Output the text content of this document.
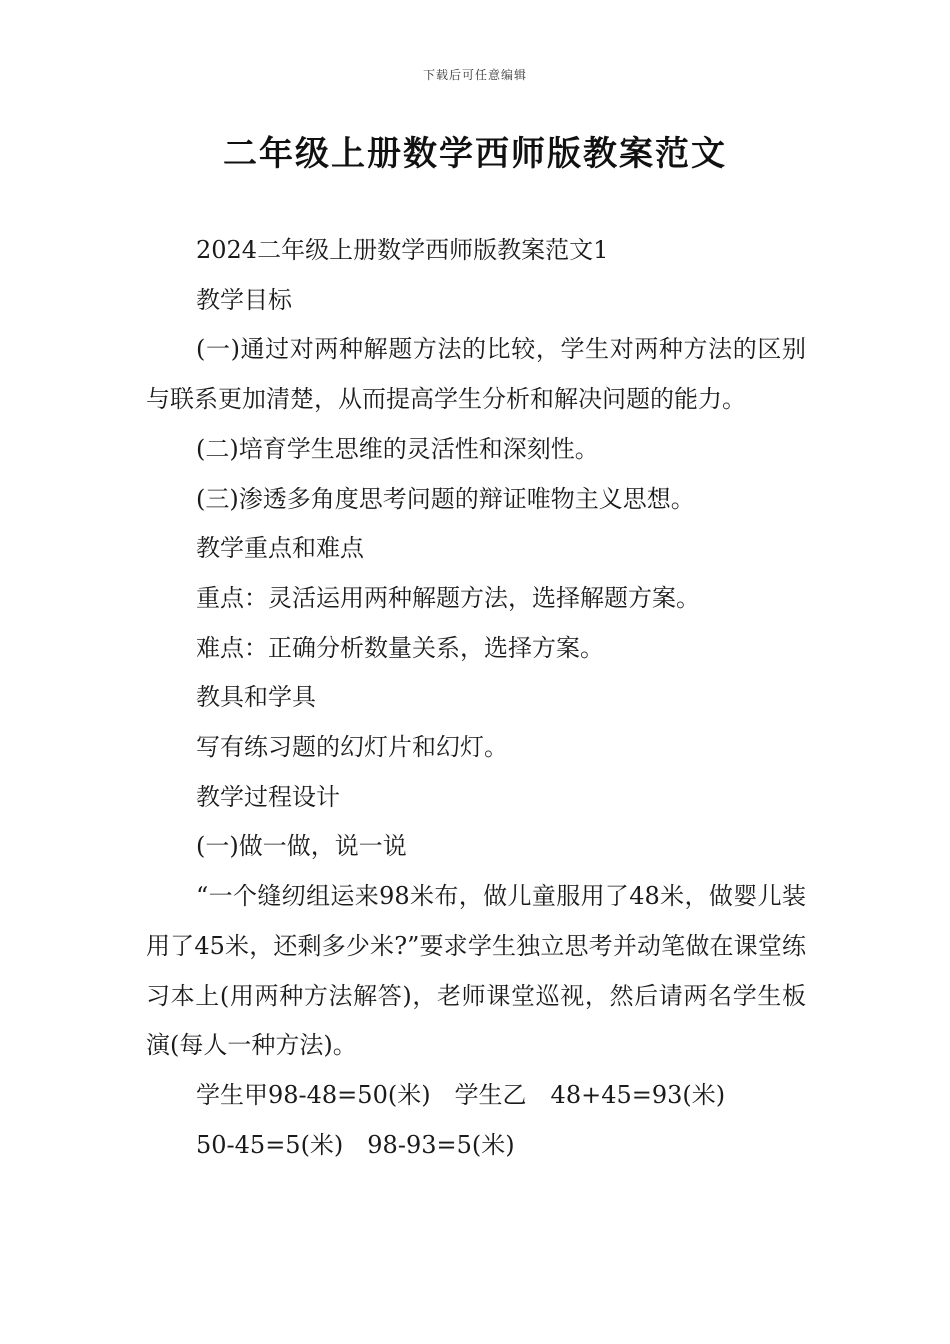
下载后可任意编辑
二年级上册数学西师版教案范文

2024二年级上册数学西师版教案范文1

教学目标

(一)通过对两种解题方法的比较，学生对两种方法的区别与联系更加清楚，从而提高学生分析和解决问题的能力。

(二)培育学生思维的灵活性和深刻性。

(三)渗透多角度思考问题的辩证唯物主义思想。

教学重点和难点

重点：灵活运用两种解题方法，选择解题方案。

难点：正确分析数量关系，选择方案。

教具和学具

写有练习题的幻灯片和幻灯。

教学过程设计

(一)做一做，说一说

“一个缝纫组运来98米布，做儿童服用了48米，做婴儿装用了45米，还剩多少米?”要求学生独立思考并动笔做在课堂练习本上(用两种方法解答)，老师课堂巡视，然后请两名学生板演(每人一种方法)。

学生甲98-48=50(米)　学生乙　48+45=93(米)

50-45=5(米)　98-93=5(米)
